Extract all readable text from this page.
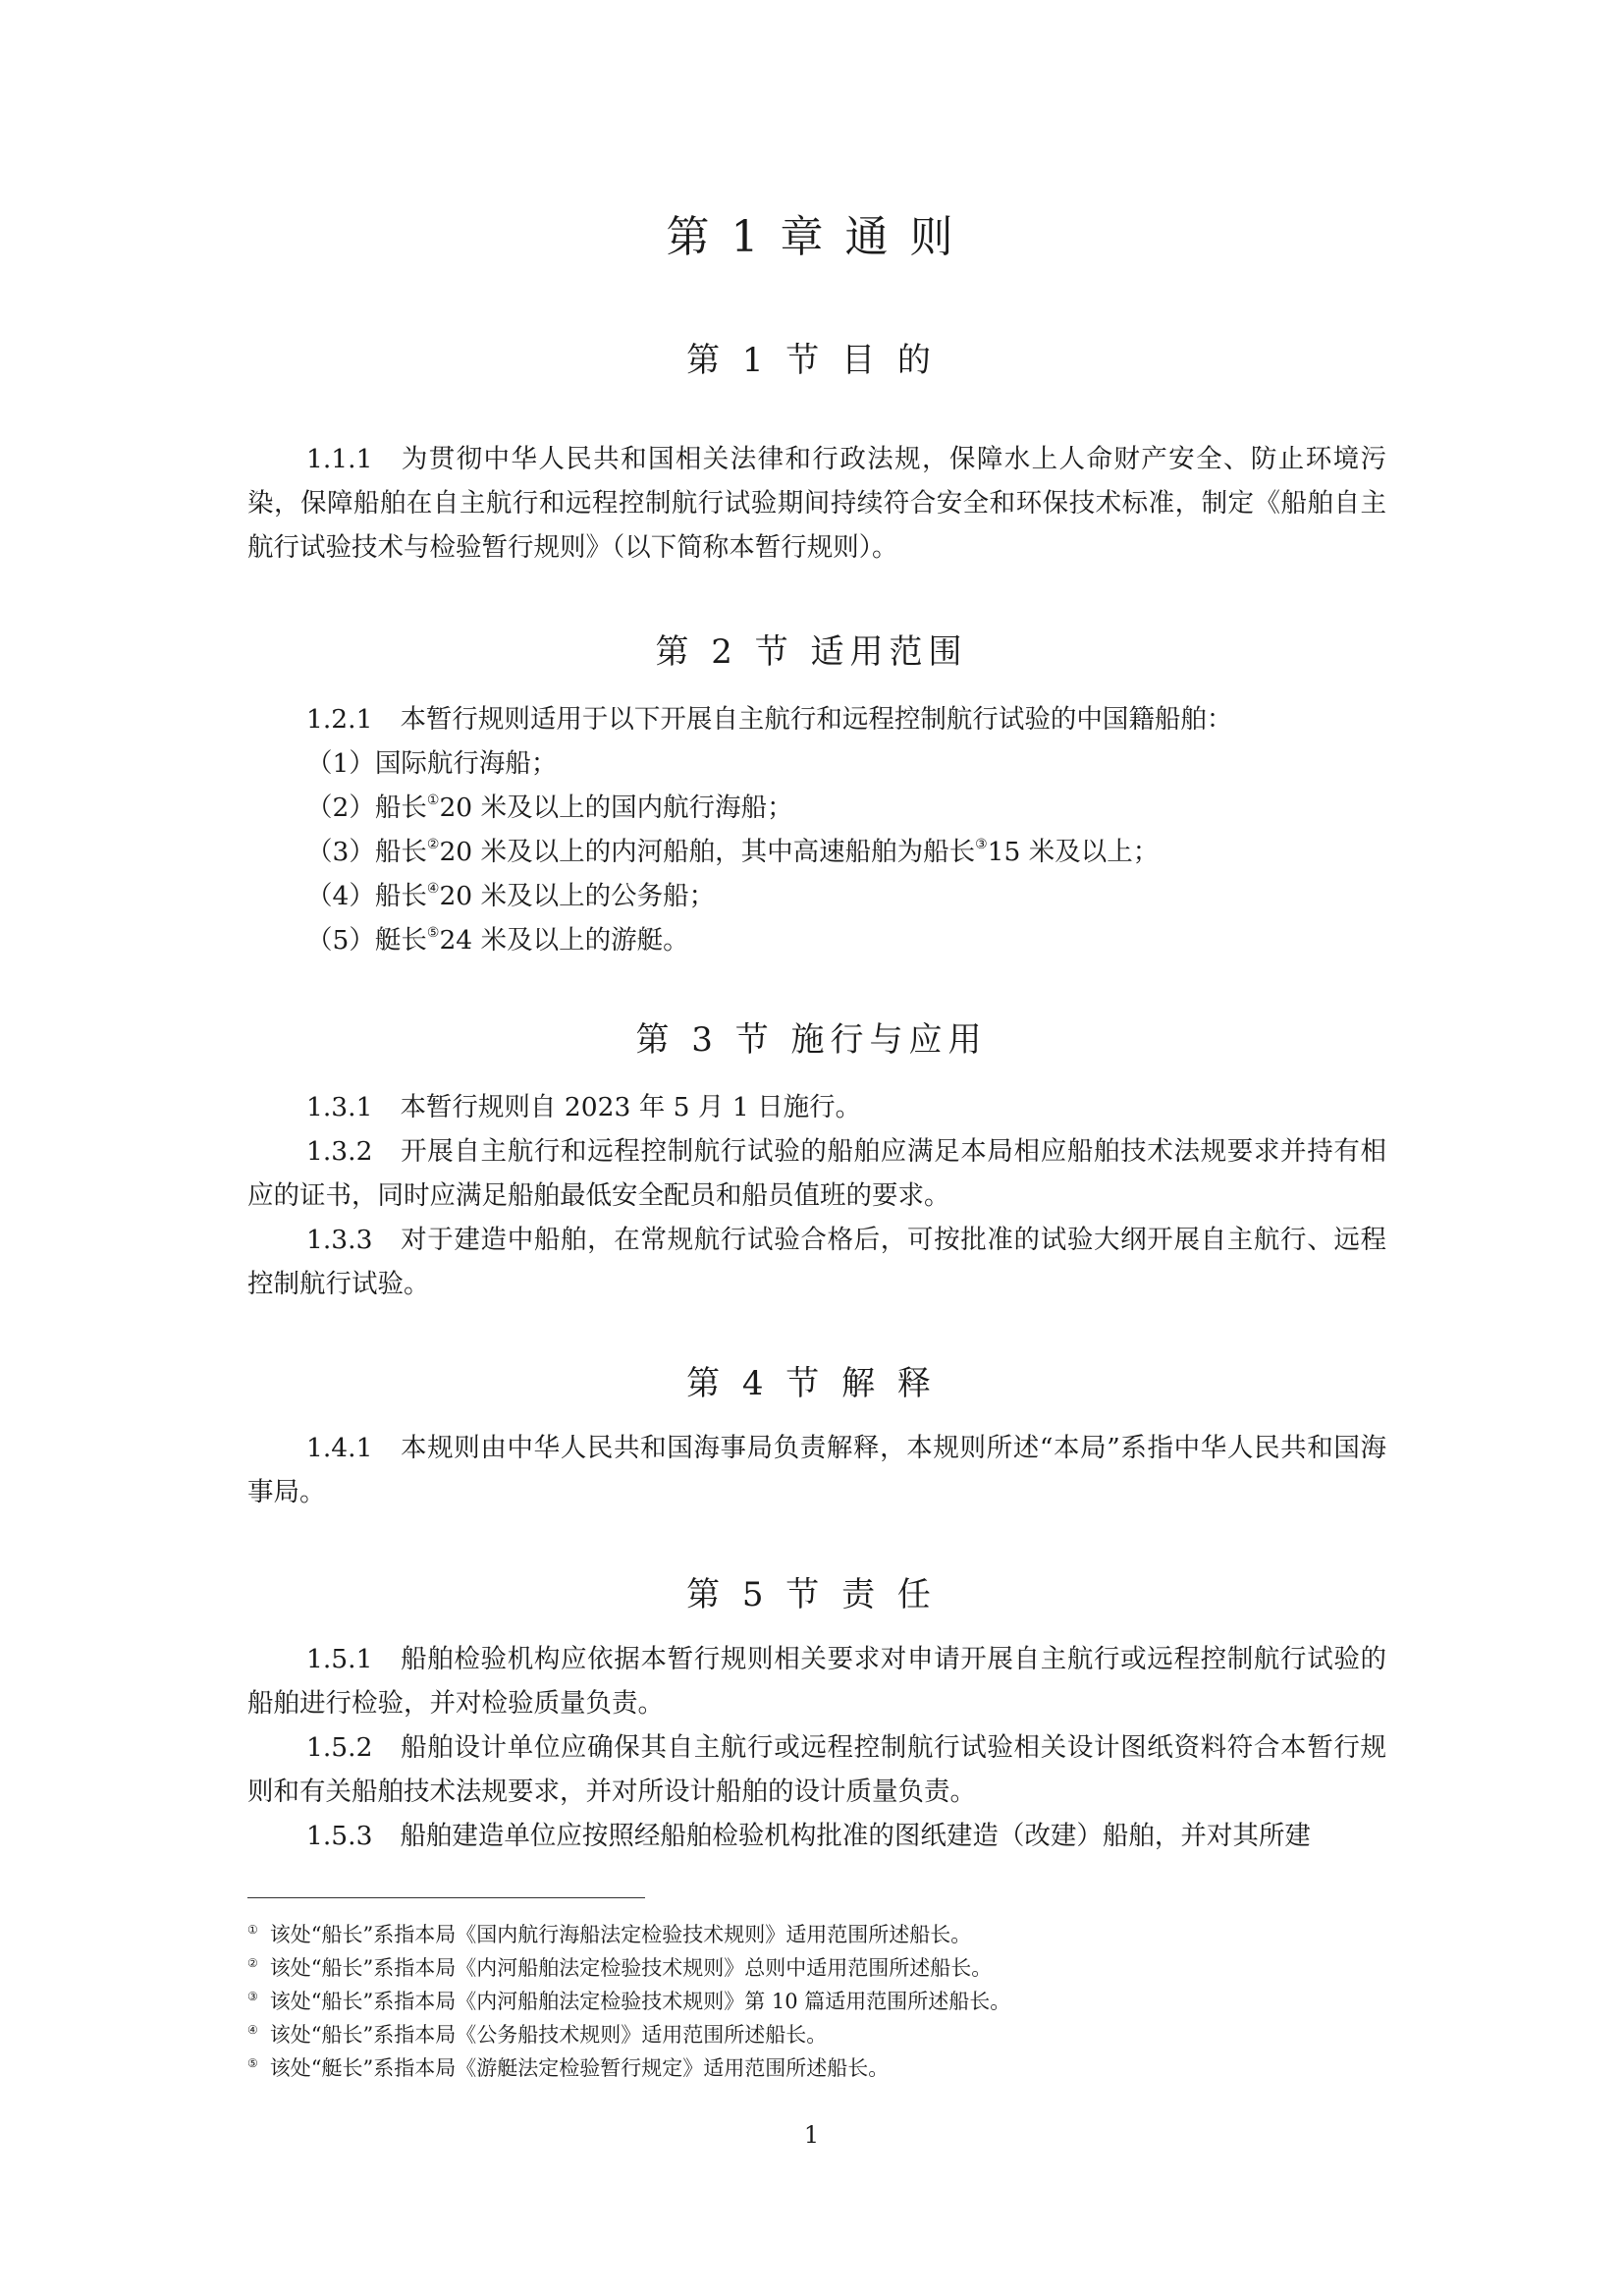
第 1 章 通 则
第 1 节 目 的

1.1.1 为贯彻中华人民共和国相关法律和行政法规，保障水上人命财产安全、防止环境污染，保障船舶在自主航行和远程控制航行试验期间持续符合安全和环保技术标准，制定《船舶自主航行试验技术与检验暂行规则》（以下简称本暂行规则）。

第 2 节 适用范围

1.2.1 本暂行规则适用于以下开展自主航行和远程控制航行试验的中国籍船舶：

（1）国际航行海船；

（2）船长①20 米及以上的国内航行海船；

（3）船长②20 米及以上的内河船舶，其中高速船舶为船长③15 米及以上；

（4）船长④20 米及以上的公务船；

（5）艇长⑤24 米及以上的游艇。

第 3 节 施行与应用

1.3.1 本暂行规则自 2023 年 5 月 1 日施行。

1.3.2 开展自主航行和远程控制航行试验的船舶应满足本局相应船舶技术法规要求并持有相应的证书，同时应满足船舶最低安全配员和船员值班的要求。

1.3.3 对于建造中船舶，在常规航行试验合格后，可按批准的试验大纲开展自主航行、远程控制航行试验。

第 4 节 解 释

1.4.1 本规则由中华人民共和国海事局负责解释，本规则所述“本局”系指中华人民共和国海事局。

第 5 节 责 任

1.5.1 船舶检验机构应依据本暂行规则相关要求对申请开展自主航行或远程控制航行试验的船舶进行检验，并对检验质量负责。

1.5.2 船舶设计单位应确保其自主航行或远程控制航行试验相关设计图纸资料符合本暂行规则和有关船舶技术法规要求，并对所设计船舶的设计质量负责。

1.5.3 船舶建造单位应按照经船舶检验机构批准的图纸建造（改建）船舶，并对其所建

① 该处“船长”系指本局《国内航行海船法定检验技术规则》适用范围所述船长。
② 该处“船长”系指本局《内河船舶法定检验技术规则》总则中适用范围所述船长。
③ 该处“船长”系指本局《内河船舶法定检验技术规则》第 10 篇适用范围所述船长。
④ 该处“船长”系指本局《公务船技术规则》适用范围所述船长。
⑤ 该处“艇长”系指本局《游艇法定检验暂行规定》适用范围所述船长。
1
